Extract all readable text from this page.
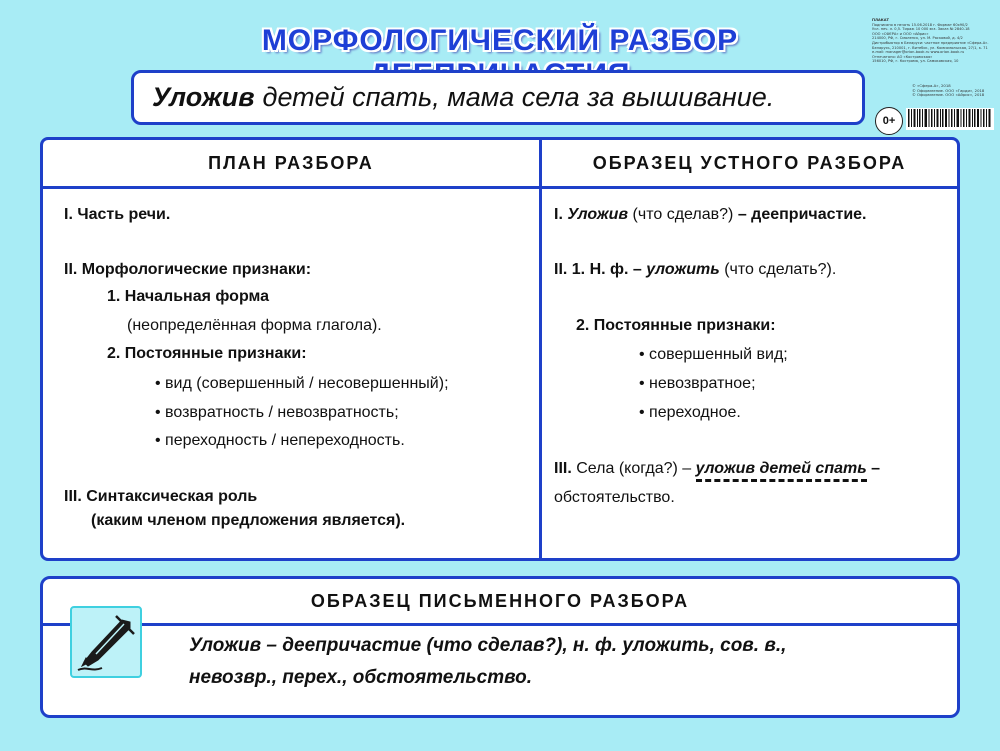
МОРФОЛОГИЧЕСКИЙ РАЗБОР
ПЛАКАТ
Подписано в печать 15.06.2018 г. Формат 60х90/2
Усл. печ. л. 0,5. Тираж 10 000 экз. Заказ № 2840-18
ООО «СФЕРА» и ООО «Айрис»
214000, РФ, г. Смоленск, ул. М. Расковой, д. 4/2
Дистрибьютор в Беларуси: частное предприятие «Сфера-А».
Беларусь, 210001, г. Витебск, ул. Комсомольская, 27/1, к. 71
e-mail: manager@orion-book.ru www.orion-book.ru
Отпечатано: АО «Костромская»
156010, РФ, г. Кострома, ул. Самоковская, 10
© «Сфера-А», 2018
© Оформление. ООО «Гарди», 2018
© Оформление. ООО «Айрис», 2018
0+
Уложив детей спать, мама села за вышивание.
ПЛАН РАЗБОРА	ОБРАЗЕЦ УСТНОГО РАЗБОРА
I. Часть речи.
II. Морфологические признаки:
1. Начальная форма
(неопределённая форма глагола).
2. Постоянные признаки:
• вид (совершенный / несовершенный);
• возвратность / невозвратность;
• переходность / непереходность.
III. Синтаксическая роль
(каким членом предложения является).
I. Уложив (что сделав?) – деепричастие.
II. 1. Н. ф. – уложить (что сделать?).
2. Постоянные признаки:
• совершенный вид;
• невозвратное;
• переходное.
III. Села (когда?) – уложив детей спать –
обстоятельство.
ОБРАЗЕЦ ПИСЬМЕННОГО РАЗБОРА
Уложив – деепричастие (что сделав?), н. ф. уложить, сов. в.,
невозвр., перех., обстоятельство.
